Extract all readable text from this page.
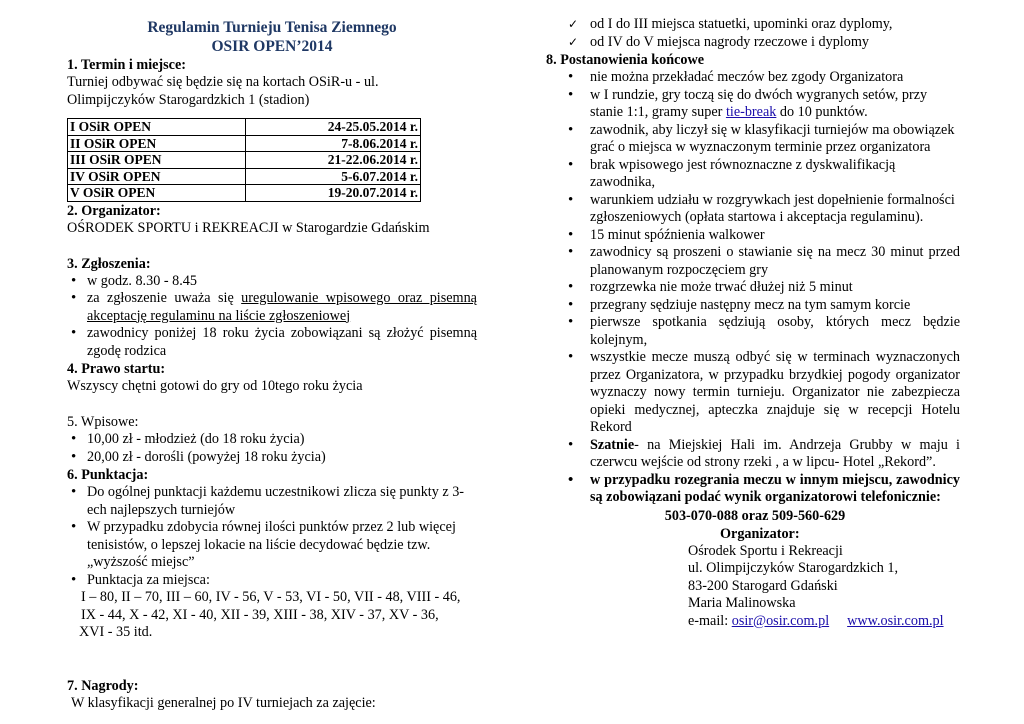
Regulamin Turnieju Tenisa Ziemnego
OSIR OPEN’2014
1. Termin i miejsce:

Turniej odbywać się będzie się na kortach OSiR-u - ul.

Olimpijczyków Starogardzkich 1 (stadion)

I OSiR OPEN	24-25.05.2014 r.
II OSiR OPEN	7-8.06.2014 r.
III OSiR OPEN	21-22.06.2014 r.
IV OSiR OPEN	5-6.07.2014 r.
V OSiR OPEN	19-20.07.2014 r.
2. Organizator:

OŚRODEK SPORTU i REKREACJI w Starogardzie Gdańskim

3. Zgłoszenia:
• w godz. 8.30 - 8.45
• za zgłoszenie uważa się uregulowanie wpisowego oraz pisemną akceptację regulaminu na liście zgłoszeniowej
• zawodnicy poniżej 18 roku życia zobowiązani są złożyć pisemną zgodę rodzica
4. Prawo startu:

Wszyscy chętni gotowi do gry od 10tego roku życia

5. Wpisowe:
• 10,00 zł - młodzież (do 18 roku życia)
• 20,00 zł - dorośli (powyżej 18 roku życia)
6. Punktacja:
• Do ogólnej punktacji każdemu uczestnikowi zlicza się punkty z 3-ech najlepszych turniejów
• W przypadku zdobycia równej ilości punktów przez 2 lub więcej tenisistów, o lepszej lokacie na liście decydować będzie tzw. „wyższość miejsc”
• Punktacja za miejsca:

I – 80, II – 70, III – 60, IV - 56, V - 53, VI - 50, VII - 48, VIII - 46,

IX - 44, X - 42, XI - 40, XII - 39, XIII - 38, XIV - 37, XV - 36,

XVI - 35 itd.

7. Nagrody:

W klasyfikacji generalnej po IV turniejach za zajęcie:

✓ od I do III miejsca statuetki, upominki oraz dyplomy,
✓ od IV do V miejsca nagrody rzeczowe i dyplomy
8. Postanowienia końcowe
• nie można przekładać meczów bez zgody Organizatora
• w I rundzie, gry toczą się do dwóch wygranych setów, przy stanie 1:1, gramy super tie-break do 10 punktów.
• zawodnik, aby liczył się w klasyfikacji turniejów ma obowiązek grać o miejsca w wyznaczonym terminie przez organizatora
• brak wpisowego jest równoznaczne z dyskwalifikacją zawodnika,
• warunkiem udziału w rozgrywkach jest dopełnienie formalności zgłoszeniowych (opłata startowa i akceptacja regulaminu).
• 15 minut spóźnienia walkower
• zawodnicy są proszeni o stawianie się na mecz 30 minut przed planowanym rozpoczęciem gry
• rozgrzewka nie może trwać dłużej niż 5 minut
• przegrany sędziuje następny mecz na tym samym korcie
• pierwsze spotkania sędziują osoby, których mecz będzie kolejnym,
• wszystkie mecze muszą odbyć się w terminach wyznaczonych przez Organizatora, w przypadku brzydkiej pogody organizator wyznaczy nowy termin turnieju. Organizator nie zabezpiecza opieki medycznej, apteczka znajduje się w recepcji Hotelu Rekord
• Szatnie- na Miejskiej Hali im. Andrzeja Grubby w maju i czerwcu wejście od strony rzeki , a w lipcu- Hotel „Rekord”.
• w przypadku rozegrania meczu w innym miejscu, zawodnicy są zobowiązani podać wynik organizatorowi telefonicznie:
503-070-088 oraz 509-560-629
Organizator:
Ośrodek Sportu i Rekreacji
ul. Olimpijczyków Starogardzkich 1,
83-200 Starogard Gdański
Maria Malinowska
e-mail: osir@osir.com.pl www.osir.com.pl
